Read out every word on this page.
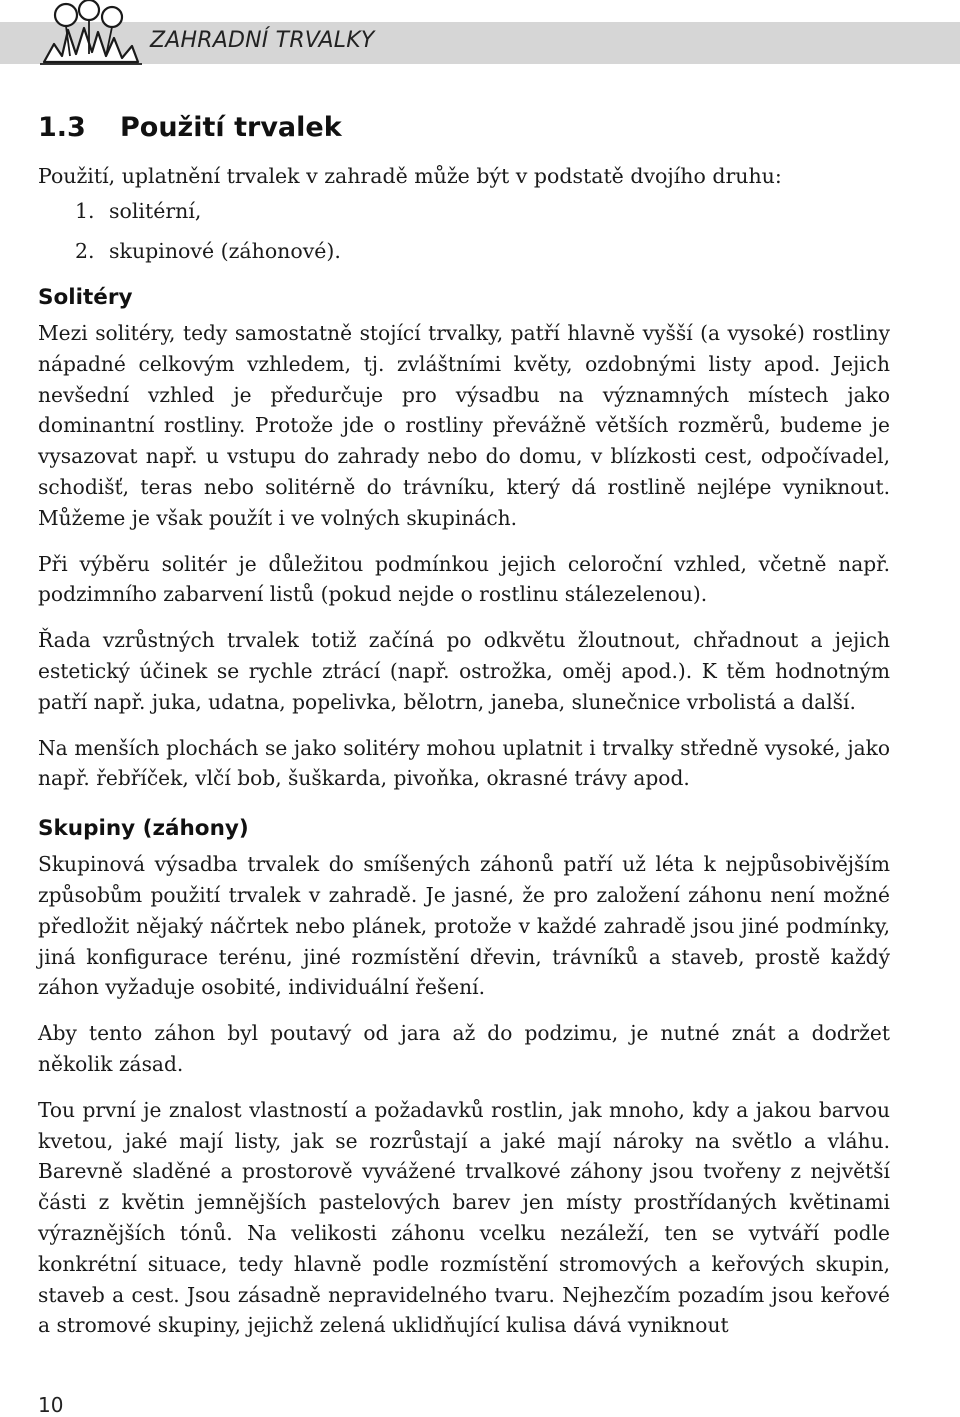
ZAHRADNÍ TRVALKY
1.3 Použití trvalek

Použití, uplatnění trvalek v zahradě může být v podstatě dvojího druhu:

1. solitérní,
2. skupinové (záhonové).
Solitéry

Mezi solitéry, tedy samostatně stojící trvalky, patří hlavně vyšší (a vysoké) rostliny nápadné celkovým vzhledem, tj. zvláštními květy, ozdobnými listy apod. Jejich nevšední vzhled je předurčuje pro výsadbu na významných místech jako dominantní rostliny. Protože jde o rostliny převážně větších rozměrů, budeme je vysazovat např. u vstupu do zahrady nebo do domu, v blízkosti cest, odpočívadel, schodišť, teras nebo solitérně do trávníku, který dá rostlině nejlépe vyniknout. Můžeme je však použít i ve volných skupinách.

Při výběru solitér je důležitou podmínkou jejich celoroční vzhled, včetně např. podzimního zabarvení listů (pokud nejde o rostlinu stálezelenou).

Řada vzrůstných trvalek totiž začíná po odkvětu žloutnout, chřadnout a jejich estetický účinek se rychle ztrácí (např. ostrožka, oměj apod.). K těm hodnotným patří např. juka, udatna, popelivka, bělotrn, janeba, slunečnice vrbolistá a další.

Na menších plochách se jako solitéry mohou uplatnit i trvalky středně vysoké, jako např. řebříček, vlčí bob, šuškarda, pivoňka, okrasné trávy apod.

Skupiny (záhony)

Skupinová výsadba trvalek do smíšených záhonů patří už léta k nejpůsobivějším způsobům použití trvalek v zahradě. Je jasné, že pro založení záhonu není možné předložit nějaký náčrtek nebo plánek, protože v každé zahradě jsou jiné podmínky, jiná konfigurace terénu, jiné rozmístění dřevin, trávníků a staveb, prostě každý záhon vyžaduje osobité, individuální řešení.

Aby tento záhon byl poutavý od jara až do podzimu, je nutné znát a dodržet několik zásad.

Tou první je znalost vlastností a požadavků rostlin, jak mnoho, kdy a jakou barvou kvetou, jaké mají listy, jak se rozrůstají a jaké mají nároky na světlo a vláhu. Barevně sladěné a prostorově vyvážené trvalkové záhony jsou tvořeny z největší části z květin jemnějších pastelových barev jen místy prostřídaných květinami výraznějších tónů. Na velikosti záhonu vcelku nezáleží, ten se vytváří podle konkrétní situace, tedy hlavně podle rozmístění stromových a keřových skupin, staveb a cest. Jsou zásadně nepravidelného tvaru. Nejhezčím pozadím jsou keřové a stromové skupiny, jejichž zelená uklidňující kulisa dává vyniknout

10
